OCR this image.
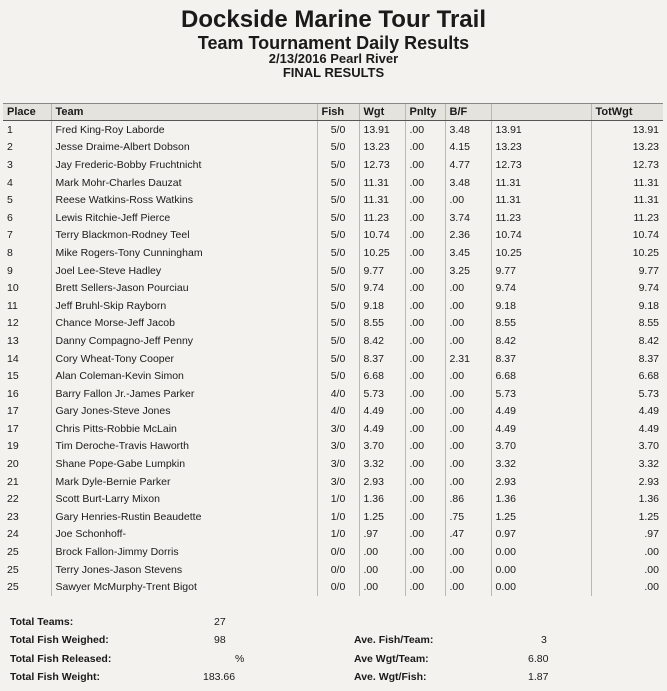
Dockside Marine Tour Trail
Team Tournament Daily Results
2/13/2016 Pearl River
FINAL RESULTS
Place	Team	Fish	Wgt	Pnlty	B/F		TotWgt
1	Fred King-Roy Laborde	5/0	13.91	.00	3.48	13.91	13.91
2	Jesse Draime-Albert Dobson	5/0	13.23	.00	4.15	13.23	13.23
3	Jay Frederic-Bobby Fruchtnicht	5/0	12.73	.00	4.77	12.73	12.73
4	Mark Mohr-Charles Dauzat	5/0	11.31	.00	3.48	11.31	11.31
5	Reese Watkins-Ross Watkins	5/0	11.31	.00	.00	11.31	11.31
6	Lewis Ritchie-Jeff Pierce	5/0	11.23	.00	3.74	11.23	11.23
7	Terry Blackmon-Rodney Teel	5/0	10.74	.00	2.36	10.74	10.74
8	Mike Rogers-Tony Cunningham	5/0	10.25	.00	3.45	10.25	10.25
9	Joel Lee-Steve Hadley	5/0	9.77	.00	3.25	9.77	9.77
10	Brett Sellers-Jason Pourciau	5/0	9.74	.00	.00	9.74	9.74
11	Jeff Bruhl-Skip Rayborn	5/0	9.18	.00	.00	9.18	9.18
12	Chance Morse-Jeff Jacob	5/0	8.55	.00	.00	8.55	8.55
13	Danny Compagno-Jeff Penny	5/0	8.42	.00	.00	8.42	8.42
14	Cory Wheat-Tony Cooper	5/0	8.37	.00	2.31	8.37	8.37
15	Alan Coleman-Kevin Simon	5/0	6.68	.00	.00	6.68	6.68
16	Barry Fallon Jr.-James Parker	4/0	5.73	.00	.00	5.73	5.73
17	Gary Jones-Steve Jones	4/0	4.49	.00	.00	4.49	4.49
17	Chris Pitts-Robbie McLain	3/0	4.49	.00	.00	4.49	4.49
19	Tim Deroche-Travis Haworth	3/0	3.70	.00	.00	3.70	3.70
20	Shane Pope-Gabe Lumpkin	3/0	3.32	.00	.00	3.32	3.32
21	Mark Dyle-Bernie Parker	3/0	2.93	.00	.00	2.93	2.93
22	Scott Burt-Larry Mixon	1/0	1.36	.00	.86	1.36	1.36
23	Gary Henries-Rustin Beaudette	1/0	1.25	.00	.75	1.25	1.25
24	Joe Schonhoff-	1/0	.97	.00	.47	0.97	.97
25	Brock Fallon-Jimmy Dorris	0/0	.00	.00	.00	0.00	.00
25	Terry Jones-Jason Stevens	0/0	.00	.00	.00	0.00	.00
25	Sawyer McMurphy-Trent Bigot	0/0	.00	.00	.00	0.00	.00
Total Teams:	27
Total Fish Weighed:	98
Total Fish Released:	%
Total Fish Weight:	183.66
Ave. Fish/Team:	3
Ave Wgt/Team:	6.80
Ave. Wgt/Fish:	1.87
